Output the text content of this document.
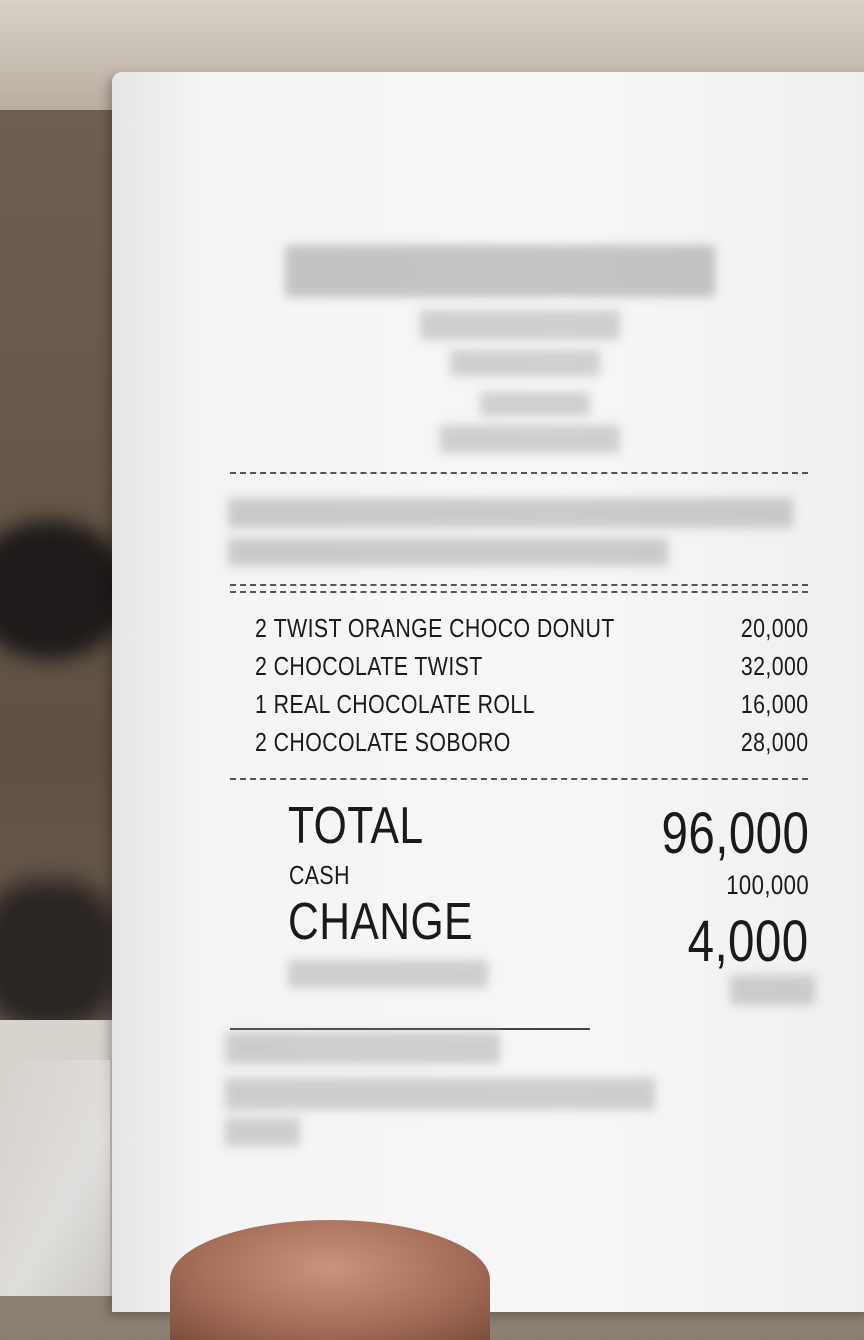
2 TWIST ORANGE CHOCO DONUT	20,000
2 CHOCOLATE TWIST	32,000
1 REAL CHOCOLATE ROLL	16,000
2 CHOCOLATE SOBORO	28,000
TOTAL	96,000
CASH	100,000
CHANGE	4,000
